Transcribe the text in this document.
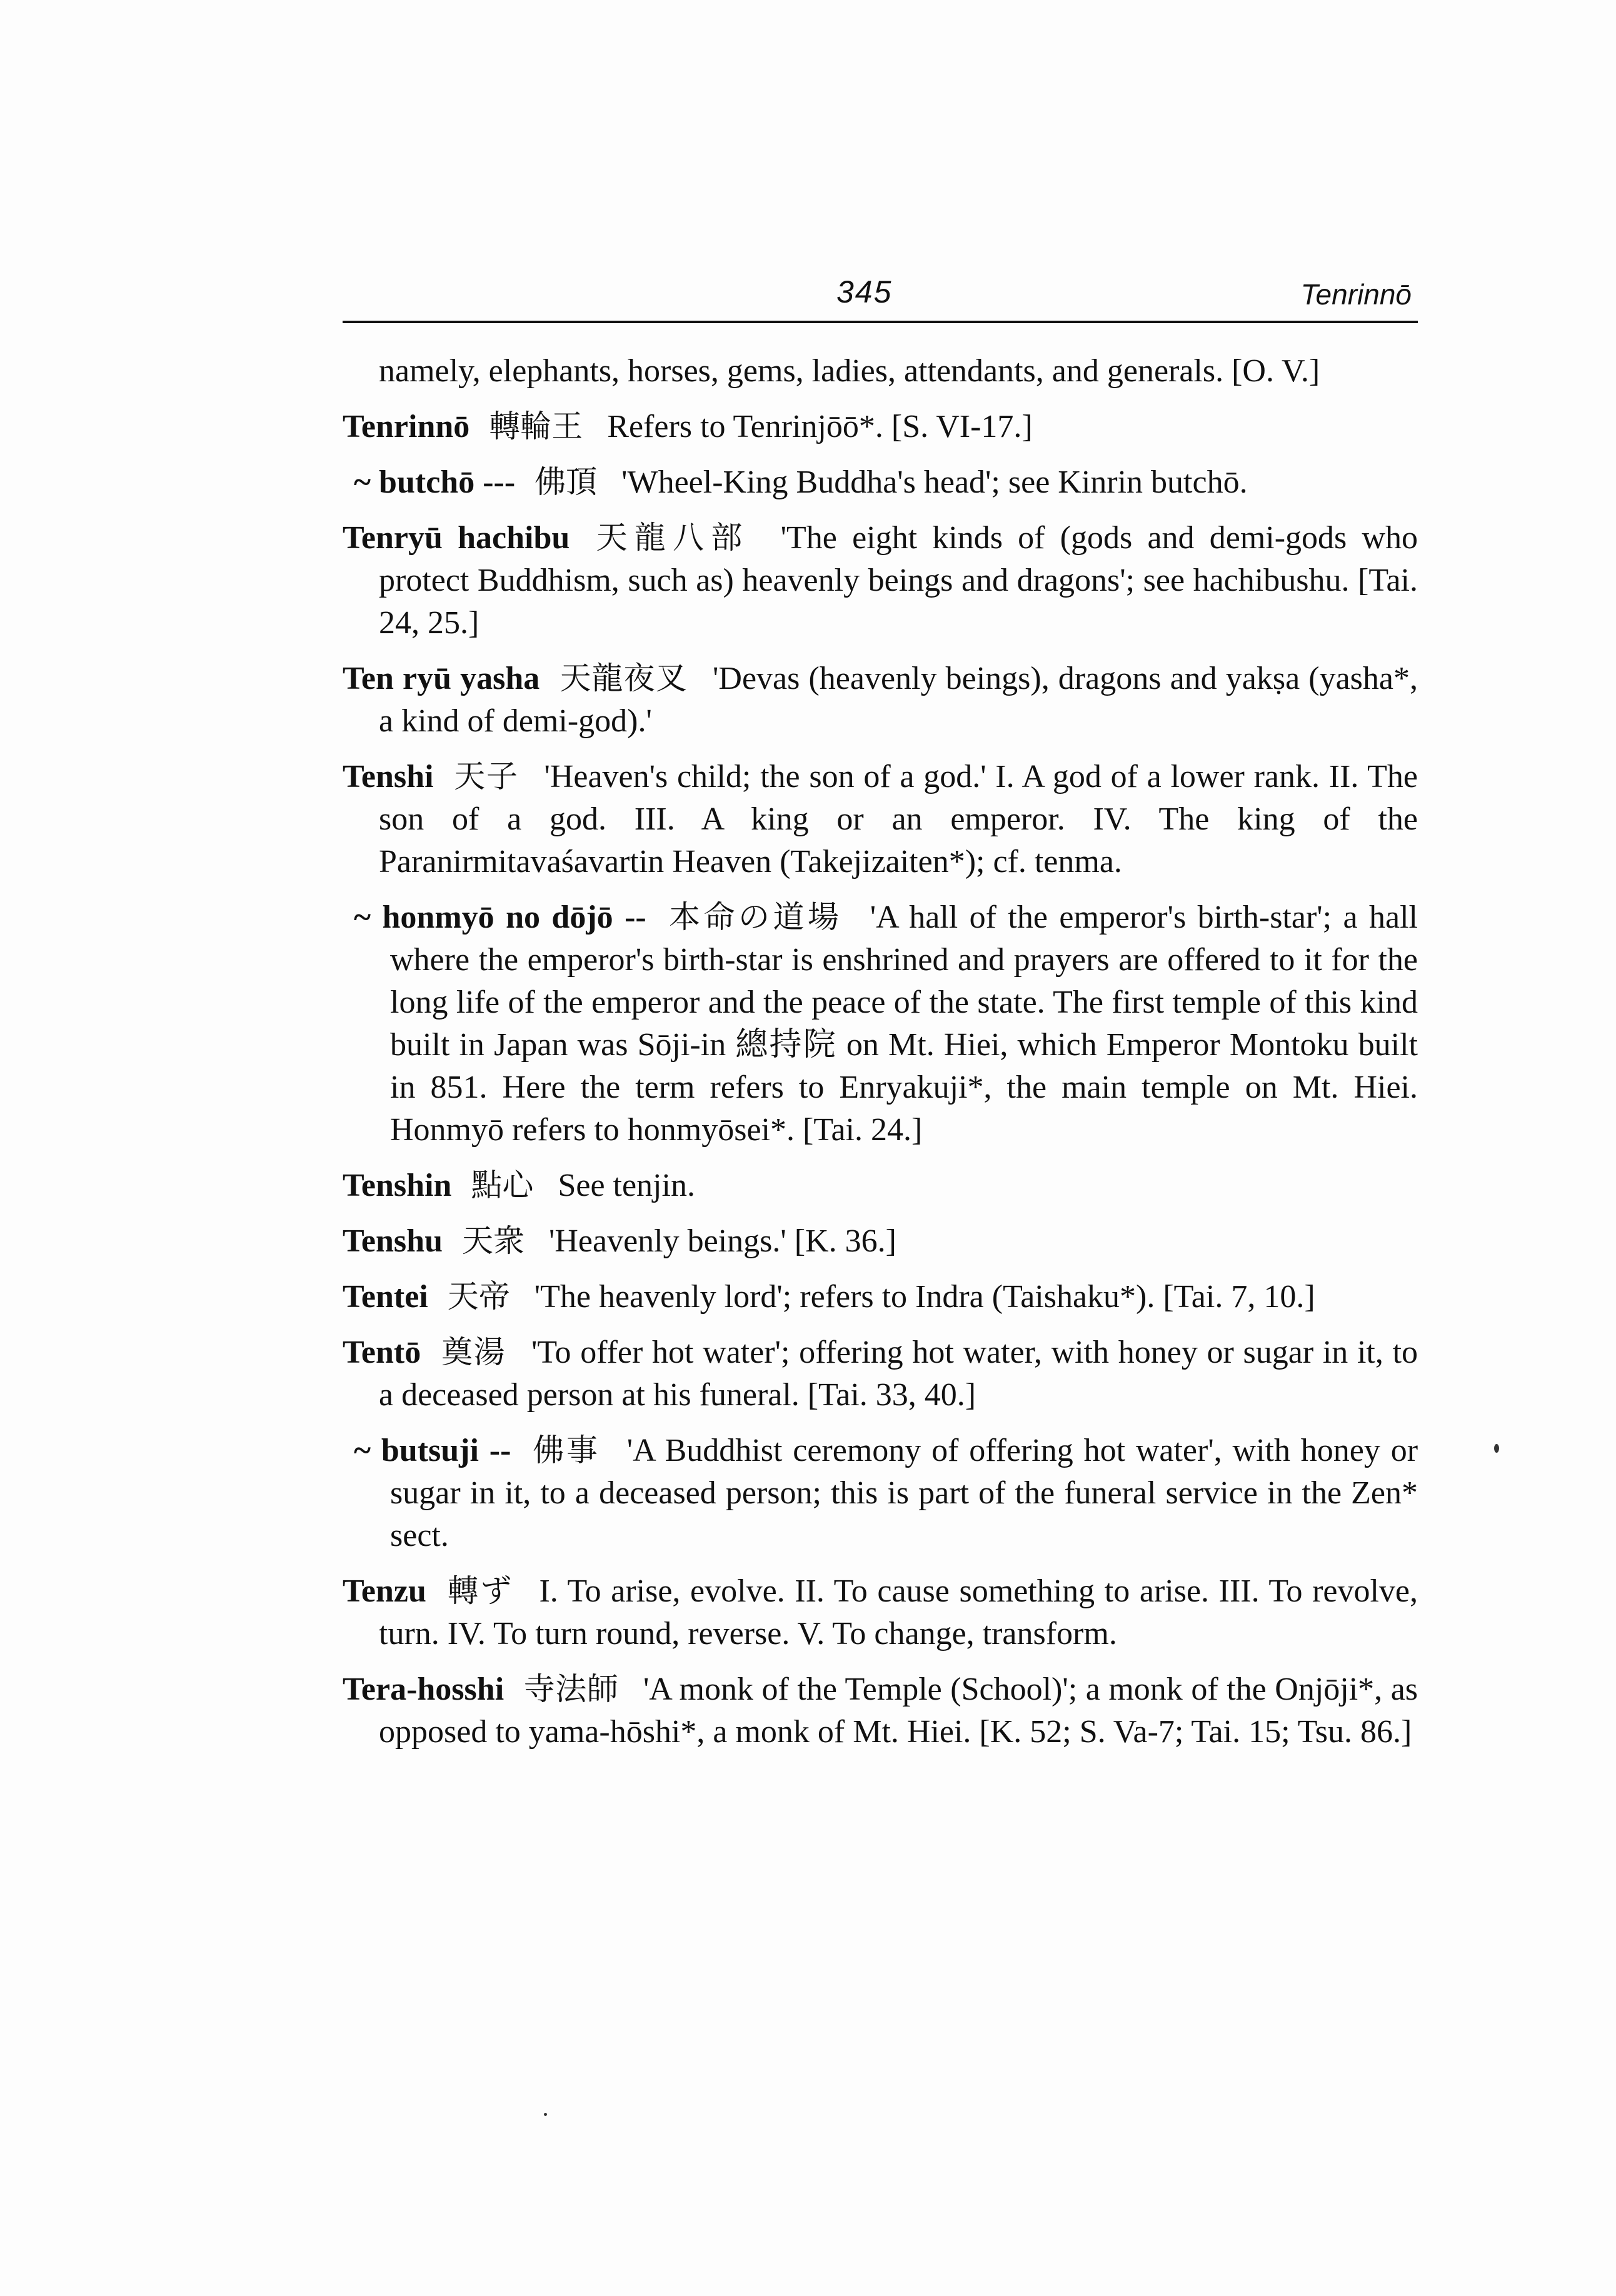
345	Tenrinnō

namely, elephants, horses, gems, ladies, attendants, and generals. [O. V.]

Tenrinnō 轉輪王 Refers to Tenrinjōō*. [S. VI-17.]

~ butchō --- 佛頂 'Wheel-King Buddha's head'; see Kinrin butchō.

Tenryū hachibu 天龍八部 'The eight kinds of (gods and demi-gods who protect Buddhism, such as) heavenly beings and dragons'; see hachibushu. [Tai. 24, 25.]

Ten ryū yasha 天龍夜叉 'Devas (heavenly beings), dragons and yakṣa (yasha*, a kind of demi-god).'

Tenshi 天子 'Heaven's child; the son of a god.' I. A god of a lower rank. II. The son of a god. III. A king or an emperor. IV. The king of the Paranirmitavaśavartin Heaven (Takejizaiten*); cf. tenma.

~ honmyō no dōjō -- 本命の道場 'A hall of the emperor's birth-star'; a hall where the emperor's birth-star is enshrined and prayers are offered to it for the long life of the emperor and the peace of the state. The first temple of this kind built in Japan was Sōji-in 總持院 on Mt. Hiei, which Emperor Montoku built in 851. Here the term refers to Enryakuji*, the main temple on Mt. Hiei. Honmyō refers to honmyōsei*. [Tai. 24.]

Tenshin 點心 See tenjin.

Tenshu 天衆 'Heavenly beings.' [K. 36.]

Tentei 天帝 'The heavenly lord'; refers to Indra (Taishaku*). [Tai. 7, 10.]

Tentō 奠湯 'To offer hot water'; offering hot water, with honey or sugar in it, to a deceased person at his funeral. [Tai. 33, 40.]

~ butsuji -- 佛事 'A Buddhist ceremony of offering hot water', with honey or sugar in it, to a deceased person; this is part of the funeral service in the Zen* sect.

Tenzu 轉ず I. To arise, evolve. II. To cause something to arise. III. To revolve, turn. IV. To turn round, reverse. V. To change, transform.

Tera-hosshi 寺法師 'A monk of the Temple (School)'; a monk of the Onjōji*, as opposed to yama-hōshi*, a monk of Mt. Hiei. [K. 52; S. Va-7; Tai. 15; Tsu. 86.]
